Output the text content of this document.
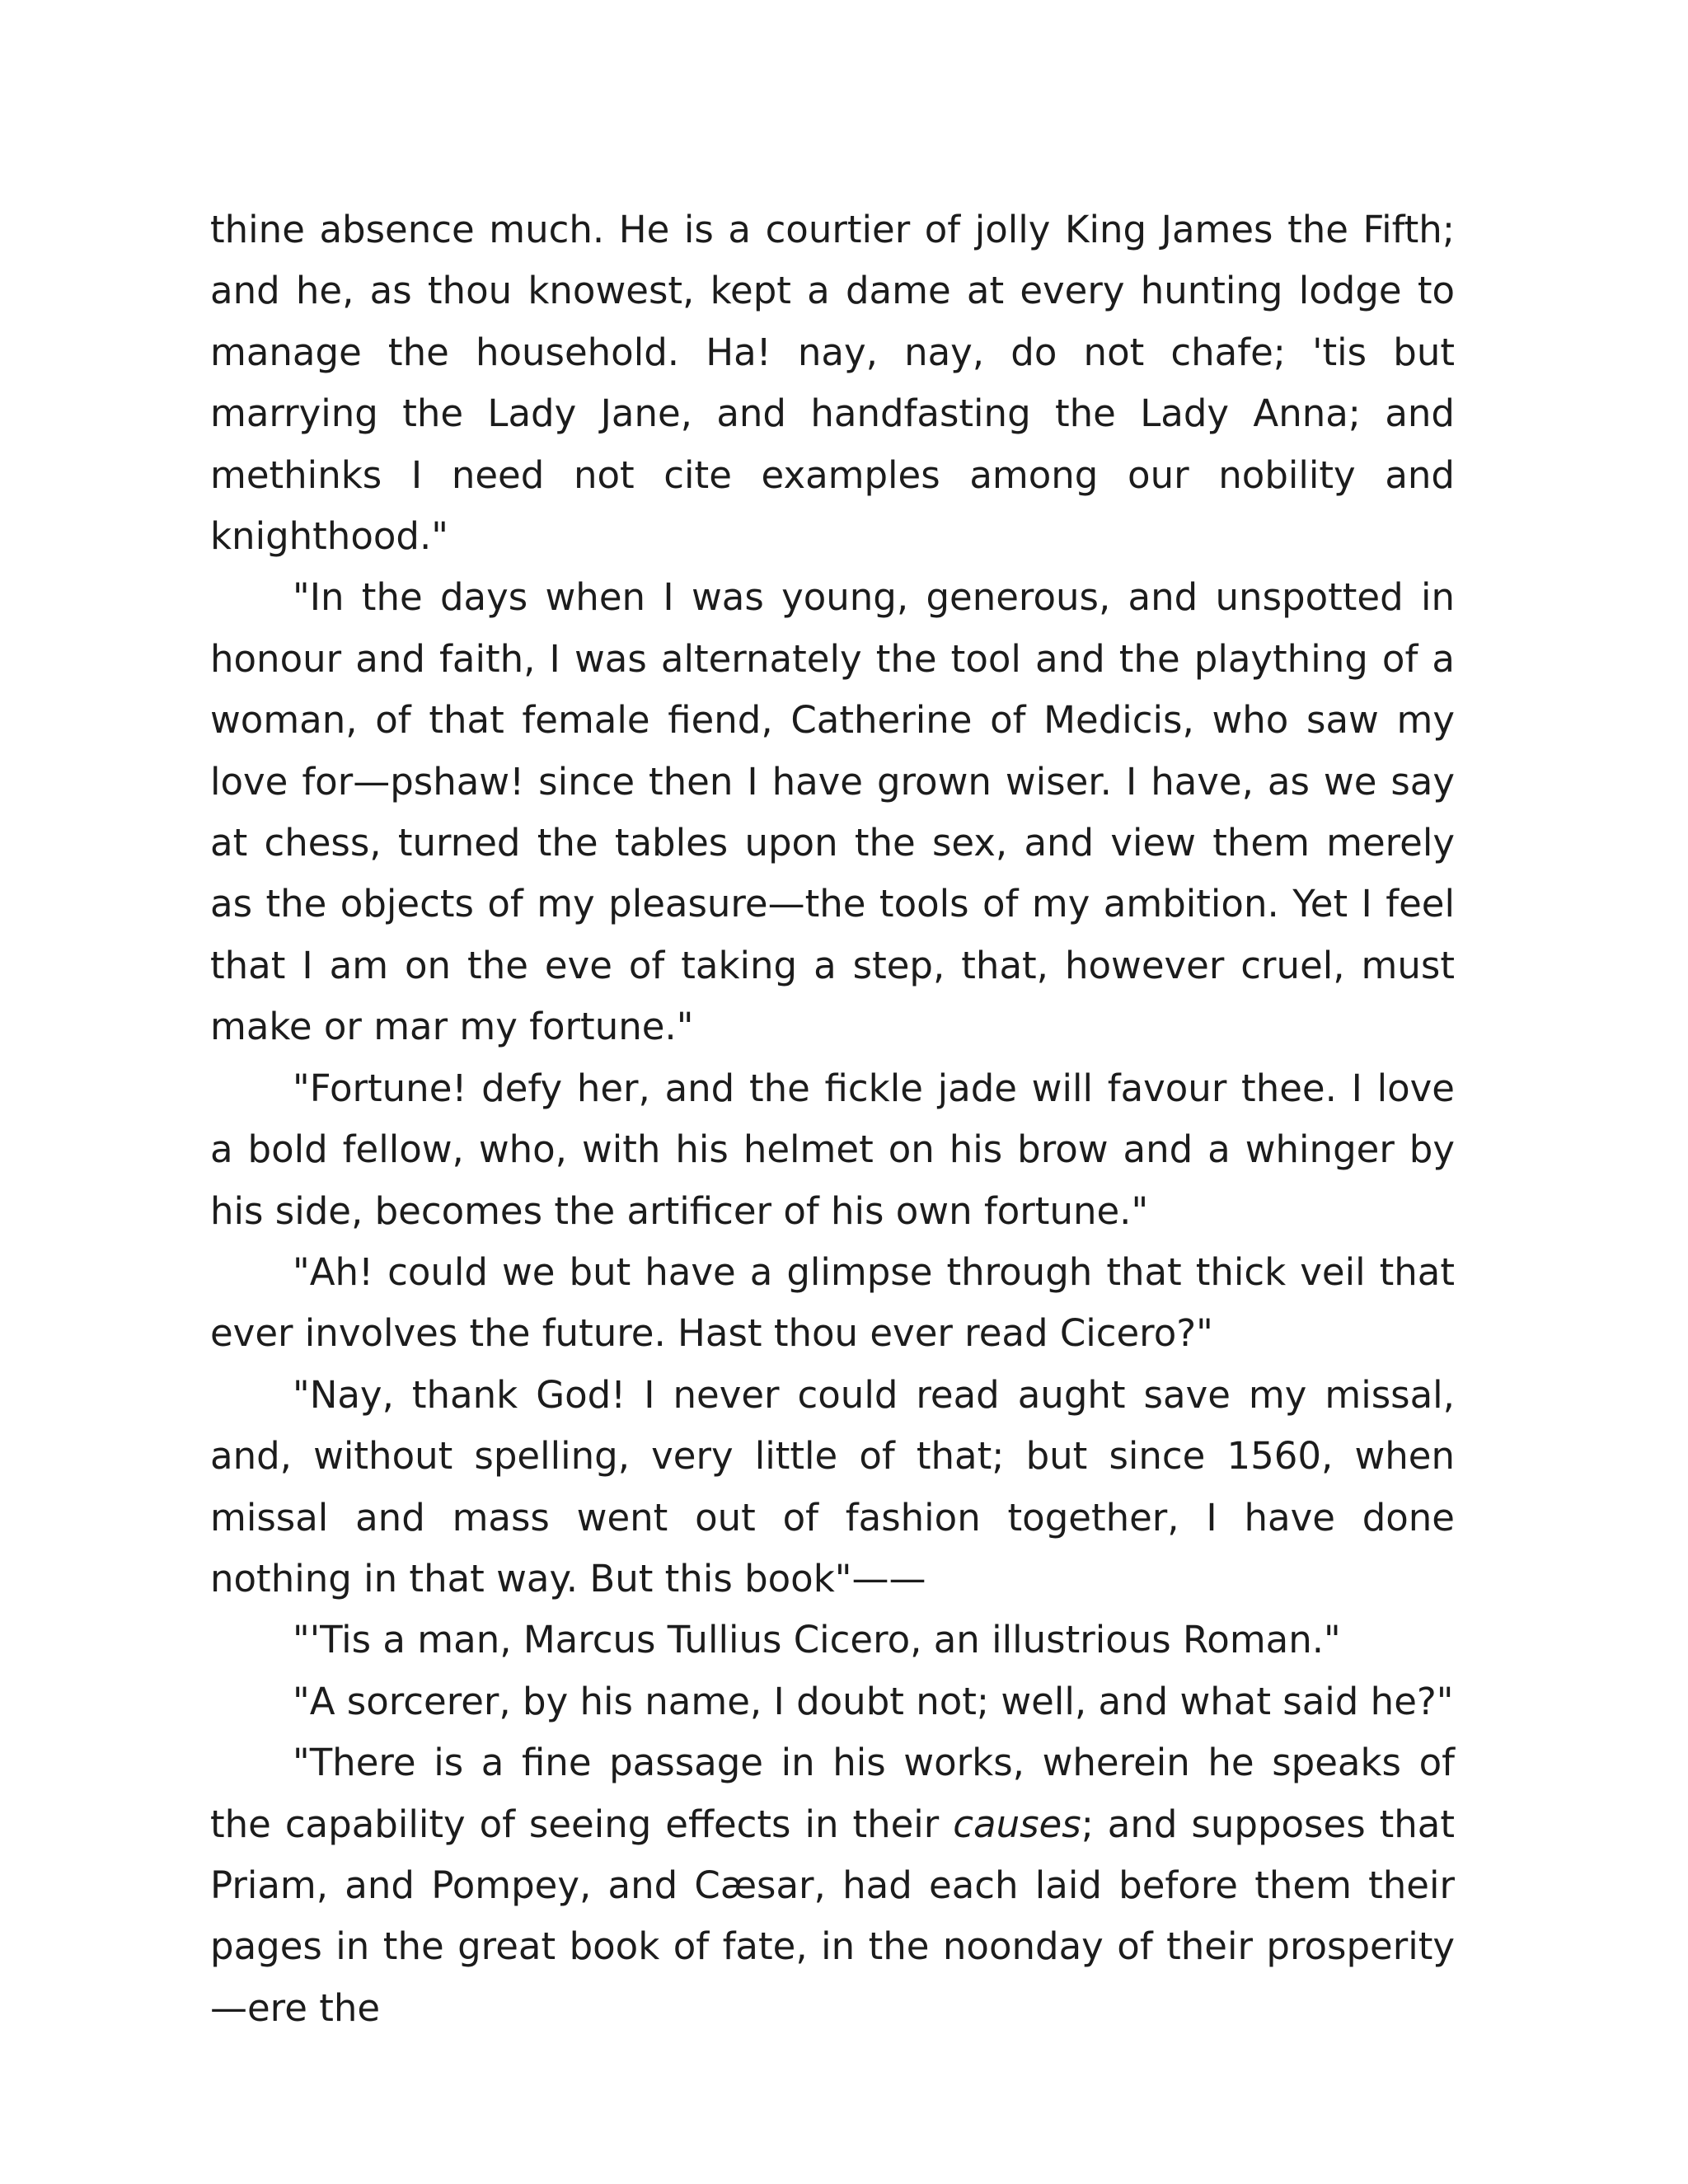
thine absence much. He is a courtier of jolly King James the Fifth; and he, as thou knowest, kept a dame at every hunting lodge to manage the household. Ha! nay, nay, do not chafe; 'tis but marrying the Lady Jane, and handfasting the Lady Anna; and methinks I need not cite examples among our nobility and knighthood."

"In the days when I was young, generous, and unspotted in honour and faith, I was alternately the tool and the plaything of a woman, of that female fiend, Catherine of Medicis, who saw my love for—pshaw! since then I have grown wiser. I have, as we say at chess, turned the tables upon the sex, and view them merely as the objects of my pleasure—the tools of my ambition. Yet I feel that I am on the eve of taking a step, that, however cruel, must make or mar my fortune."

"Fortune! defy her, and the fickle jade will favour thee. I love a bold fellow, who, with his helmet on his brow and a whinger by his side, becomes the artificer of his own fortune."

"Ah! could we but have a glimpse through that thick veil that ever involves the future. Hast thou ever read Cicero?"

"Nay, thank God! I never could read aught save my missal, and, without spelling, very little of that; but since 1560, when missal and mass went out of fashion together, I have done nothing in that way. But this book"——

"'Tis a man, Marcus Tullius Cicero, an illustrious Roman."

"A sorcerer, by his name, I doubt not; well, and what said he?"

"There is a fine passage in his works, wherein he speaks of the capability of seeing effects in their causes; and supposes that Priam, and Pompey, and Cæsar, had each laid before them their pages in the great book of fate, in the noonday of their prosperity—ere the
